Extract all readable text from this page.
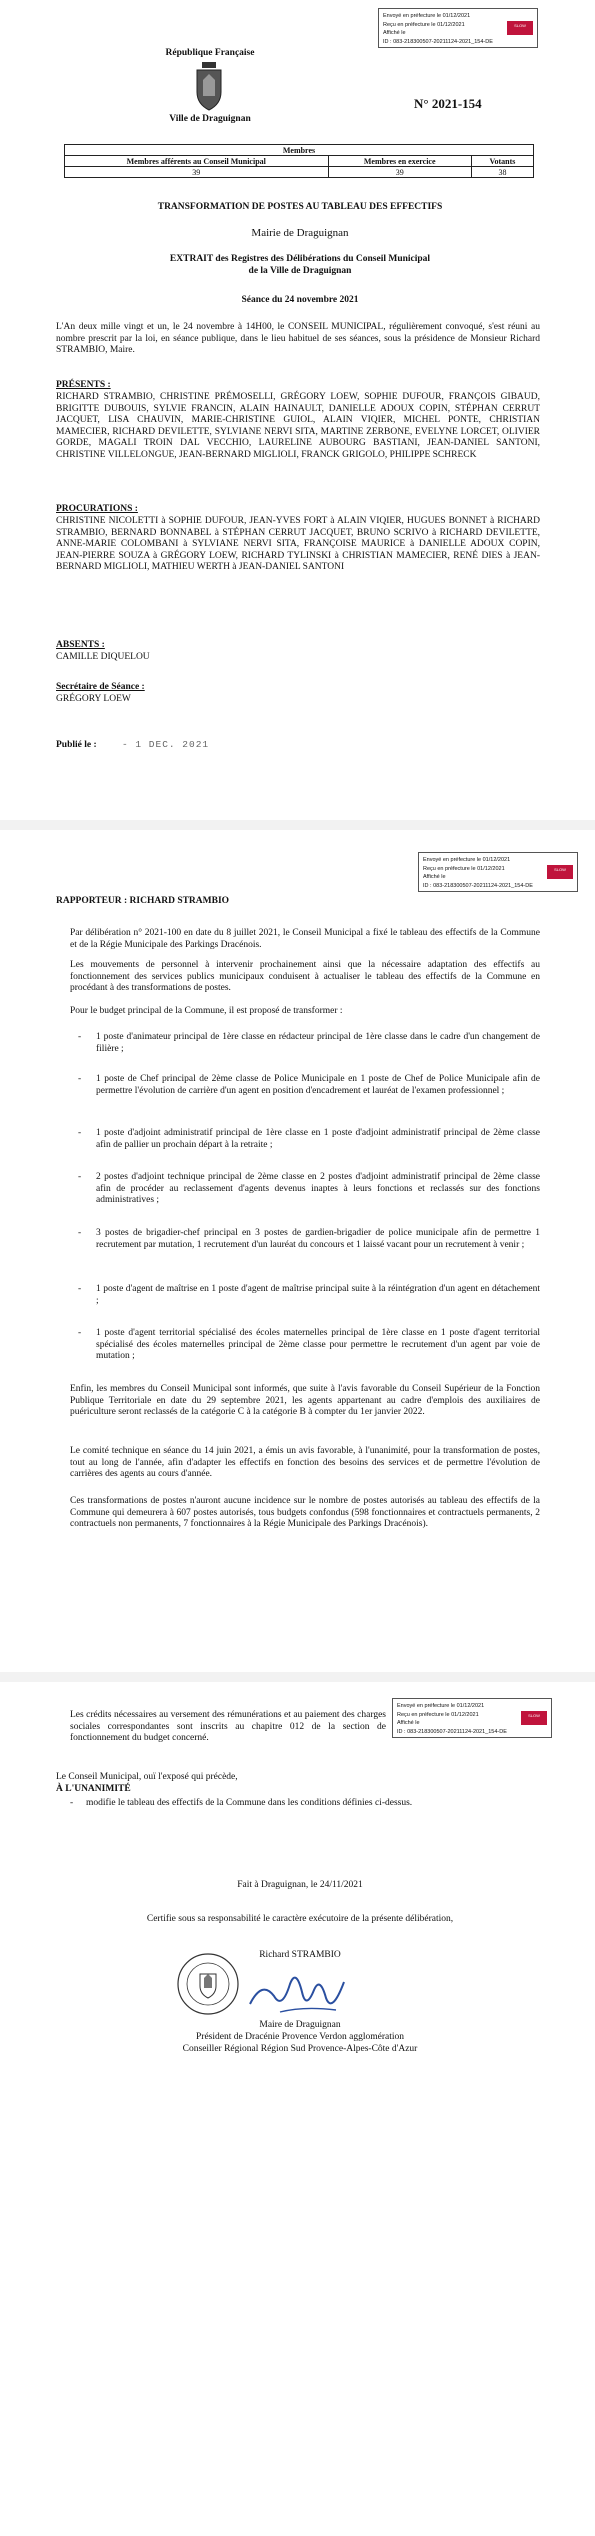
Envoyé en préfecture le 01/12/2021
Reçu en préfecture le 01/12/2021
Affiché le
ID : 083-218300507-20211124-2021_154-DE
SLOW
République Française
Ville de Draguignan
N° 2021-154
Membres		
Membres afférents au Conseil Municipal	Membres en exercice	Votants
39	39	38
TRANSFORMATION DE POSTES AU TABLEAU DES EFFECTIFS
Mairie de Draguignan
EXTRAIT des Registres des Délibérations du Conseil Municipal
de la Ville de Draguignan
Séance du 24 novembre 2021
L'An deux mille vingt et un, le 24 novembre à 14H00, le CONSEIL MUNICIPAL, régulièrement convoqué, s'est réuni au nombre prescrit par la loi, en séance publique, dans le lieu habituel de ses séances, sous la présidence de Monsieur Richard STRAMBIO, Maire.
PRÉSENTS :
RICHARD STRAMBIO, CHRISTINE PRÉMOSELLI, GRÉGORY LOEW, SOPHIE DUFOUR, FRANÇOIS GIBAUD, BRIGITTE DUBOUIS, SYLVIE FRANCIN, ALAIN HAINAULT, DANIELLE ADOUX COPIN, STÉPHAN CERRUT JACQUET, LISA CHAUVIN, MARIE-CHRISTINE GUIOL, ALAIN VIQIER, MICHEL PONTE, CHRISTIAN MAMECIER, RICHARD DEVILETTE, SYLVIANE NERVI SITA, MARTINE ZERBONE, EVELYNE LORCET, OLIVIER GORDE, MAGALI TROIN DAL VECCHIO, LAURELINE AUBOURG BASTIANI, JEAN-DANIEL SANTONI, CHRISTINE VILLELONGUE, JEAN-BERNARD MIGLIOLI, FRANCK GRIGOLO, PHILIPPE SCHRECK
PROCURATIONS :
CHRISTINE NICOLETTI à SOPHIE DUFOUR, JEAN-YVES FORT à ALAIN VIQIER, HUGUES BONNET à RICHARD STRAMBIO, BERNARD BONNABEL à STÉPHAN CERRUT JACQUET, BRUNO SCRIVO à RICHARD DEVILETTE, ANNE-MARIE COLOMBANI à SYLVIANE NERVI SITA, FRANÇOISE MAURICE à DANIELLE ADOUX COPIN, JEAN-PIERRE SOUZA à GRÉGORY LOEW, RICHARD TYLINSKI à CHRISTIAN MAMECIER, RENÉ DIES à JEAN-BERNARD MIGLIOLI, MATHIEU WERTH à JEAN-DANIEL SANTONI
ABSENTS :
CAMILLE DIQUELOU
Secrétaire de Séance :
GRÉGORY LOEW
Publié le :	- 1 DEC. 2021
Envoyé en préfecture le 01/12/2021
Reçu en préfecture le 01/12/2021
Affiché le
ID : 083-218300507-20211124-2021_154-DE
SLOW
RAPPORTEUR : RICHARD STRAMBIO
Par délibération n° 2021-100 en date du 8 juillet 2021, le Conseil Municipal a fixé le tableau des effectifs de la Commune et de la Régie Municipale des Parkings Dracénois.
Les mouvements de personnel à intervenir prochainement ainsi que la nécessaire adaptation des effectifs au fonctionnement des services publics municipaux conduisent à actualiser le tableau des effectifs de la Commune en procédant à des transformations de postes.
Pour le budget principal de la Commune, il est proposé de transformer :
- 1 poste d'animateur principal de 1ère classe en rédacteur principal de 1ère classe dans le cadre d'un changement de filière ;
- 1 poste de Chef principal de 2ème classe de Police Municipale en 1 poste de Chef de Police Municipale afin de permettre l'évolution de carrière d'un agent en position d'encadrement et lauréat de l'examen professionnel ;
- 1 poste d'adjoint administratif principal de 1ère classe en 1 poste d'adjoint administratif principal de 2ème classe afin de pallier un prochain départ à la retraite ;
- 2 postes d'adjoint technique principal de 2ème classe en 2 postes d'adjoint administratif principal de 2ème classe afin de procéder au reclassement d'agents devenus inaptes à leurs fonctions et reclassés sur des fonctions administratives ;
- 3 postes de brigadier-chef principal en 3 postes de gardien-brigadier de police municipale afin de permettre 1 recrutement par mutation, 1 recrutement d'un lauréat du concours et 1 laissé vacant pour un recrutement à venir ;
- 1 poste d'agent de maîtrise en 1 poste d'agent de maîtrise principal suite à la réintégration d'un agent en détachement ;
- 1 poste d'agent territorial spécialisé des écoles maternelles principal de 1ère classe en 1 poste d'agent territorial spécialisé des écoles maternelles principal de 2ème classe pour permettre le recrutement d'un agent par voie de mutation ;
Enfin, les membres du Conseil Municipal sont informés, que suite à l'avis favorable du Conseil Supérieur de la Fonction Publique Territoriale en date du 29 septembre 2021, les agents appartenant au cadre d'emplois des auxiliaires de puériculture seront reclassés de la catégorie C à la catégorie B à compter du 1er janvier 2022.
Le comité technique en séance du 14 juin 2021, a émis un avis favorable, à l'unanimité, pour la transformation de postes, tout au long de l'année, afin d'adapter les effectifs en fonction des besoins des services et de permettre l'évolution de carrières des agents au cours d'année.
Ces transformations de postes n'auront aucune incidence sur le nombre de postes autorisés au tableau des effectifs de la Commune qui demeurera à 607 postes autorisés, tous budgets confondus (598 fonctionnaires et contractuels permanents, 2 contractuels non permanents, 7 fonctionnaires à la Régie Municipale des Parkings Dracénois).
Envoyé en préfecture le 01/12/2021
Reçu en préfecture le 01/12/2021
Affiché le
ID : 083-218300507-20211124-2021_154-DE
SLOW
Les crédits nécessaires au versement des rémunérations et au paiement des charges sociales correspondantes sont inscrits au chapitre 012 de la section de fonctionnement du budget concerné.
Le Conseil Municipal, ouï l'exposé qui précède,
À L'UNANIMITÉ
- modifie le tableau des effectifs de la Commune dans les conditions définies ci-dessus.
Fait à Draguignan, le 24/11/2021
Certifie sous sa responsabilité le caractère exécutoire de la présente délibération,
Richard STRAMBIO
Maire de Draguignan
Président de Dracénie Provence Verdon agglomération
Conseiller Régional Région Sud Provence-Alpes-Côte d'Azur
